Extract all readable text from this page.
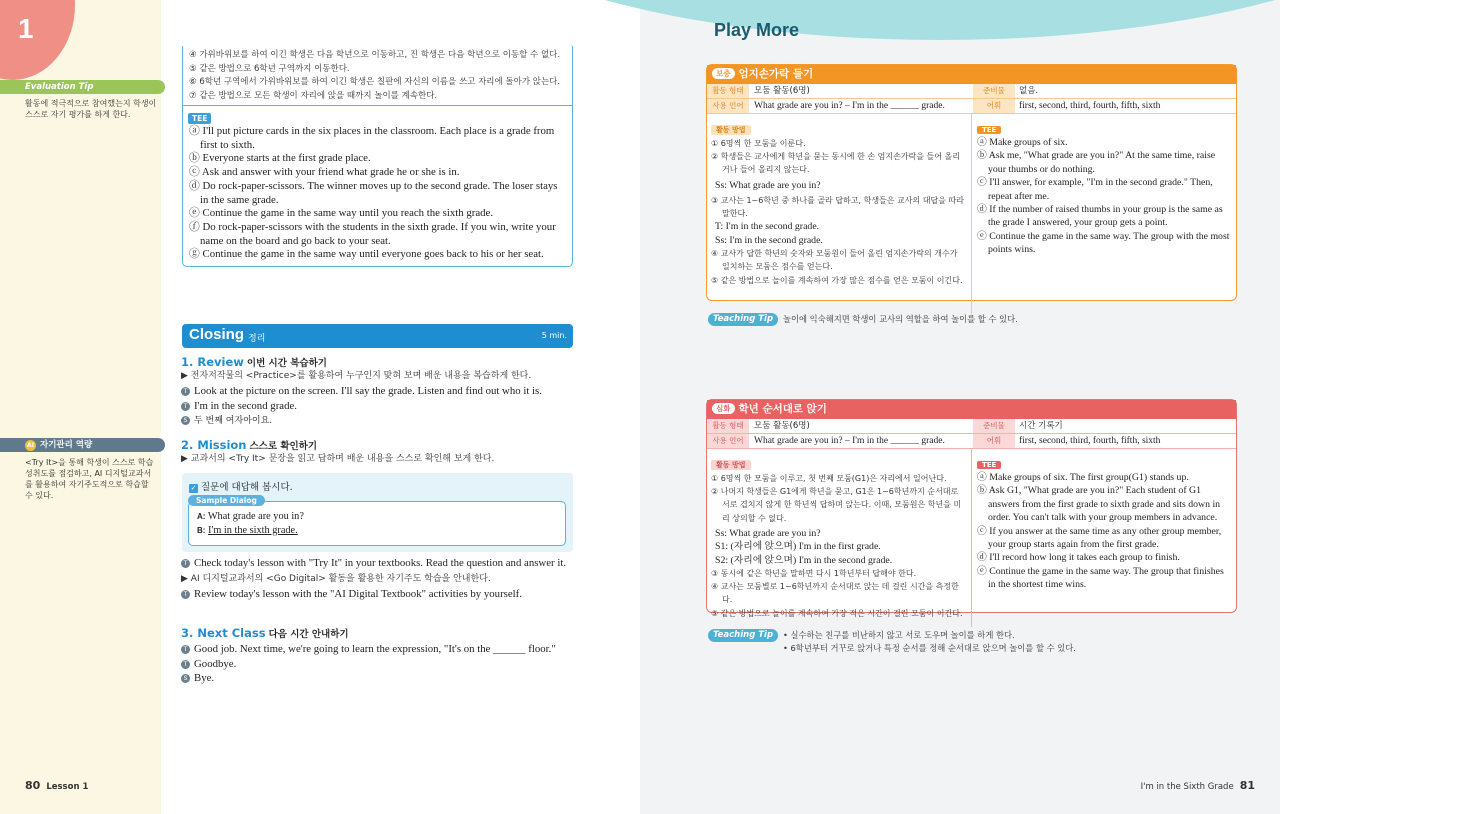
1
Evaluation Tip
활동에 적극적으로 참여했는지 학생이 스스로 자기 평가를 하게 한다.
자기관리 역량
AI
<Try It>을 통해 학생이 스스로 학습 성취도를 점검하고, AI 디지털교과서를 활용하여 자기주도적으로 학습할 수 있다.
80 Lesson 1
④ 가위바위보를 하여 이긴 학생은 다음 학년으로 이동하고, 진 학생은 다음 학년으로 이동할 수 없다.
⑤ 같은 방법으로 6학년 구역까지 이동한다.
⑥ 6학년 구역에서 가위바위보를 하여 이긴 학생은 칠판에 자신의 이름을 쓰고 자리에 돌아가 앉는다.
⑦ 같은 방법으로 모든 학생이 자리에 앉을 때까지 놀이를 계속한다.
TEE
ⓐ I'll put picture cards in the six places in the classroom. Each place is a grade from first to sixth.
ⓑ Everyone starts at the first grade place.
ⓒ Ask and answer with your friend what grade he or she is in.
ⓓ Do rock-paper-scissors. The winner moves up to the second grade. The loser stays in the same grade.
ⓔ Continue the game in the same way until you reach the sixth grade.
ⓕ Do rock-paper-scissors with the students in the sixth grade. If you win, write your name on the board and go back to your seat.
ⓖ Continue the game in the same way until everyone goes back to his or her seat.
Closing 정리	5 min.
1. Review 이번 시간 복습하기
▶ 전자저작물의 <Practice>를 활용하여 누구인지 맞혀 보며 배운 내용을 복습하게 한다.
T Look at the picture on the screen. I'll say the grade. Listen and find out who it is.
T I'm in the second grade.
S 두 번째 여자아이요.
2. Mission 스스로 확인하기
▶ 교과서의 <Try It> 문장을 읽고 답하며 배운 내용을 스스로 확인해 보게 한다.
✓ 질문에 대답해 봅시다.
Sample Dialog
A: What grade are you in?
B: I'm in the sixth grade.
T Check today's lesson with "Try It" in your textbooks. Read the question and answer it.
▶ AI 디지털교과서의 <Go Digital> 활동을 활용한 자기주도 학습을 안내한다.
T Review today's lesson with the "AI Digital Textbook" activities by yourself.
3. Next Class 다음 시간 안내하기
T Good job. Next time, we're going to learn the expression, "It's on the ______ floor."
T Goodbye.
S Bye.
Play More
I'm in the Sixth Grade 81
보충 엄지손가락 들기
활동 형태	모둠 활동(6명)	준비물	없음.
사용 언어	What grade are you in? – I'm in the ______ grade.	어휘	first, second, third, fourth, fifth, sixth
활동 방법
① 6명씩 한 모둠을 이룬다.
② 학생들은 교사에게 학년을 묻는 동시에 한 손 엄지손가락을 들어 올리거나 들어 올리지 않는다.
Ss: What grade are you in?
③ 교사는 1~6학년 중 하나를 골라 답하고, 학생들은 교사의 대답을 따라 말한다.
T: I'm in the second grade.
Ss: I'm in the second grade.
④ 교사가 답한 학년의 숫자와 모둠원이 들어 올린 엄지손가락의 개수가 일치하는 모둠은 점수를 얻는다.
⑤ 같은 방법으로 놀이를 계속하여 가장 많은 점수를 얻은 모둠이 이긴다.
TEE
ⓐ Make groups of six.
ⓑ Ask me, "What grade are you in?" At the same time, raise your thumbs or do nothing.
ⓒ I'll answer, for example, "I'm in the second grade." Then, repeat after me.
ⓓ If the number of raised thumbs in your group is the same as the grade I answered, your group gets a point.
ⓔ Continue the game in the same way. The group with the most points wins.
Teaching Tip	놀이에 익숙해지면 학생이 교사의 역할을 하여 놀이를 할 수 있다.
심화 학년 순서대로 앉기
활동 형태	모둠 활동(6명)	준비물	시간 기록기
사용 언어	What grade are you in? – I'm in the ______ grade.	어휘	first, second, third, fourth, fifth, sixth
활동 방법
① 6명씩 한 모둠을 이루고, 첫 번째 모둠(G1)은 자리에서 일어난다.
② 나머지 학생들은 G1에게 학년을 묻고, G1은 1~6학년까지 순서대로 서로 겹치지 않게 한 학년씩 답하며 앉는다. 이때, 모둠원은 학년을 미리 상의할 수 없다.
Ss: What grade are you in?
S1: (자리에 앉으며) I'm in the first grade.
S2: (자리에 앉으며) I'm in the second grade.
③ 동시에 같은 학년을 말하면 다시 1학년부터 답해야 한다.
④ 교사는 모둠별로 1~6학년까지 순서대로 앉는 데 걸린 시간을 측정한다.
⑤ 같은 방법으로 놀이를 계속하여 가장 적은 시간이 걸린 모둠이 이긴다.
TEE
ⓐ Make groups of six. The first group(G1) stands up.
ⓑ Ask G1, "What grade are you in?" Each student of G1 answers from the first grade to sixth grade and sits down in order. You can't talk with your group members in advance.
ⓒ If you answer at the same time as any other group member, your group starts again from the first grade.
ⓓ I'll record how long it takes each group to finish.
ⓔ Continue the game in the same way. The group that finishes in the shortest time wins.
Teaching Tip	• 실수하는 친구를 비난하지 않고 서로 도우며 놀이를 하게 한다.
• 6학년부터 거꾸로 앉거나 특정 순서를 정해 순서대로 앉으며 놀이를 할 수 있다.
